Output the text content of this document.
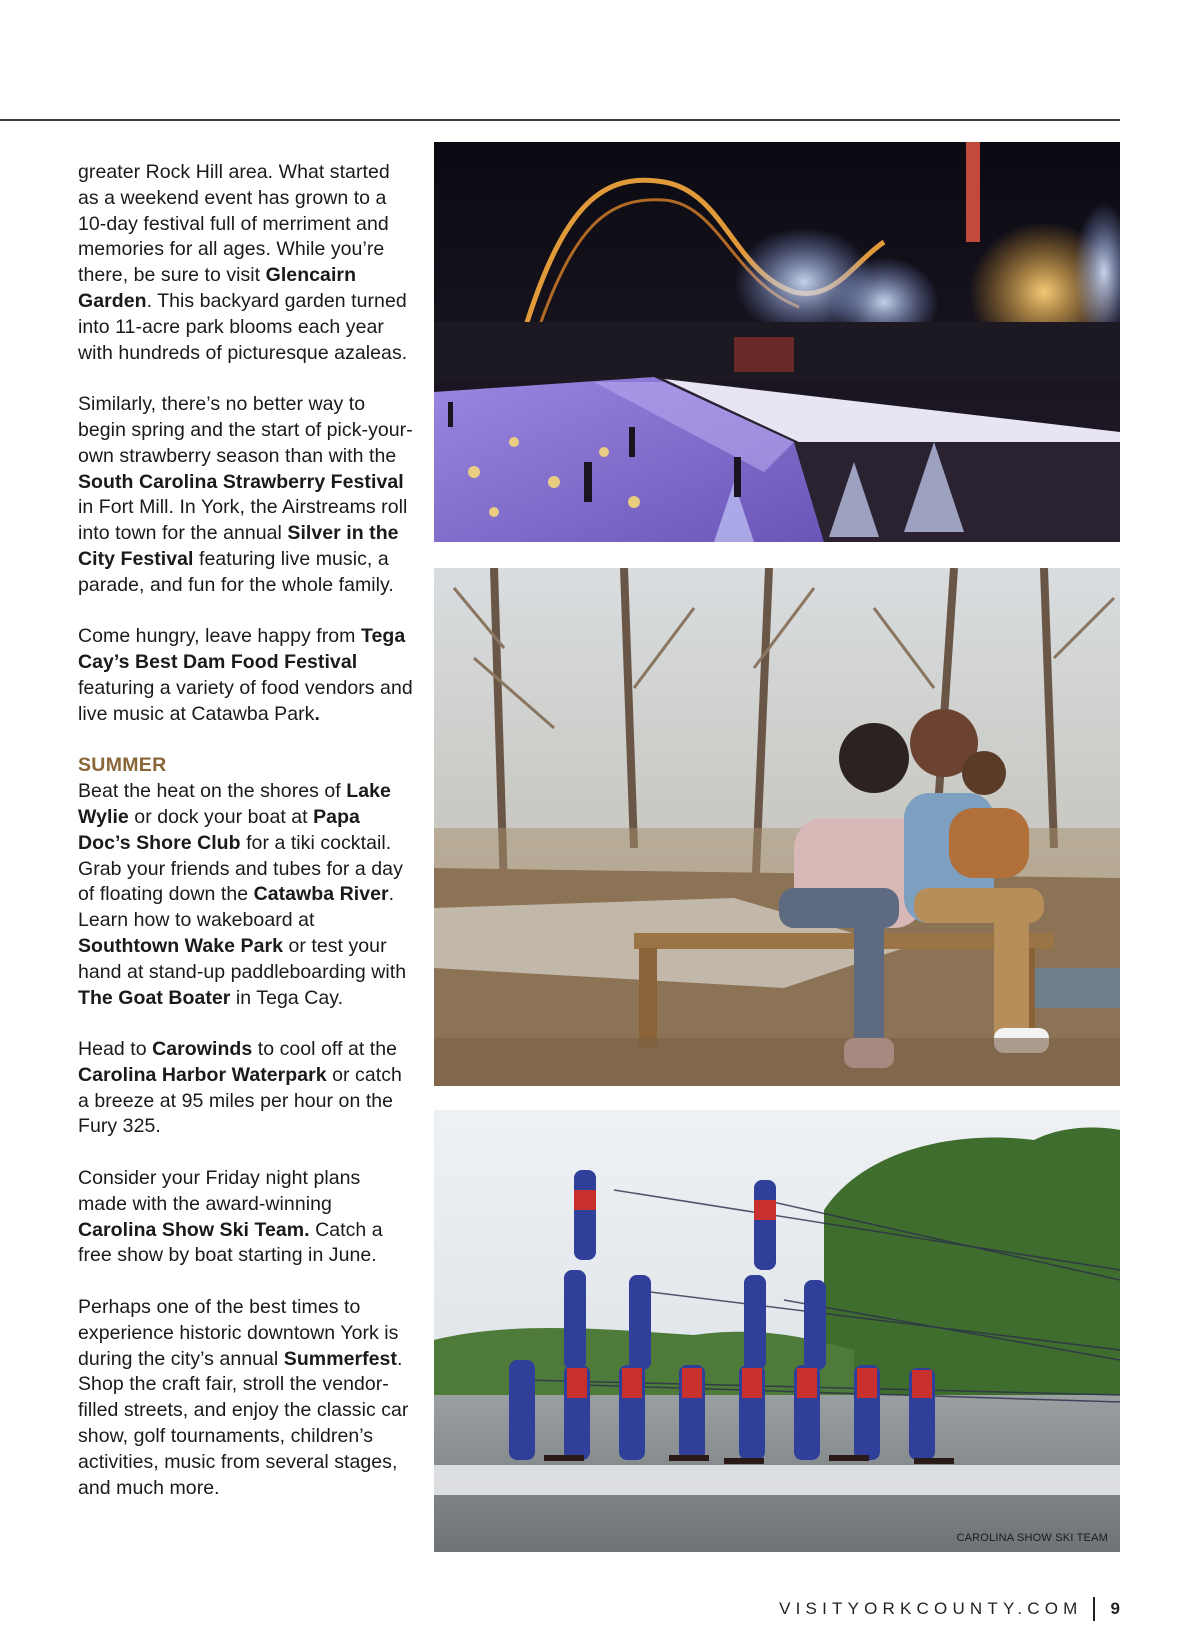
greater Rock Hill area. What started as a weekend event has grown to a 10-day festival full of merriment and memories for all ages. While you’re there, be sure to visit Glencairn Garden. This backyard garden turned into 11-acre park blooms each year with hundreds of picturesque azaleas.

Similarly, there’s no better way to begin spring and the start of pick-your-own strawberry season than with the South Carolina Strawberry Festival in Fort Mill. In York, the Airstreams roll into town for the annual Silver in the City Festival featuring live music, a parade, and fun for the whole family.

Come hungry, leave happy from Tega Cay’s Best Dam Food Festival featuring a variety of food vendors and live music at Catawba Park.

SUMMER
Beat the heat on the shores of Lake Wylie or dock your boat at Papa Doc’s Shore Club for a tiki cocktail. Grab your friends and tubes for a day of floating down the Catawba River. Learn how to wakeboard at Southtown Wake Park or test your hand at stand-up paddleboarding with The Goat Boater in Tega Cay.

Head to Carowinds to cool off at the Carolina Harbor Waterpark or catch a breeze at 95 miles per hour on the Fury 325.

Consider your Friday night plans made with the award-winning Carolina Show Ski Team. Catch a free show by boat starting in June.

Perhaps one of the best times to experience historic downtown York is during the city’s annual Summerfest. Shop the craft fair, stroll the vendor-filled streets, and enjoy the classic car show, golf tournaments, children’s activities, music from several stages, and much more.

CAROLINA SHOW SKI TEAM
VISITYORKCOUNTY.COM 9
